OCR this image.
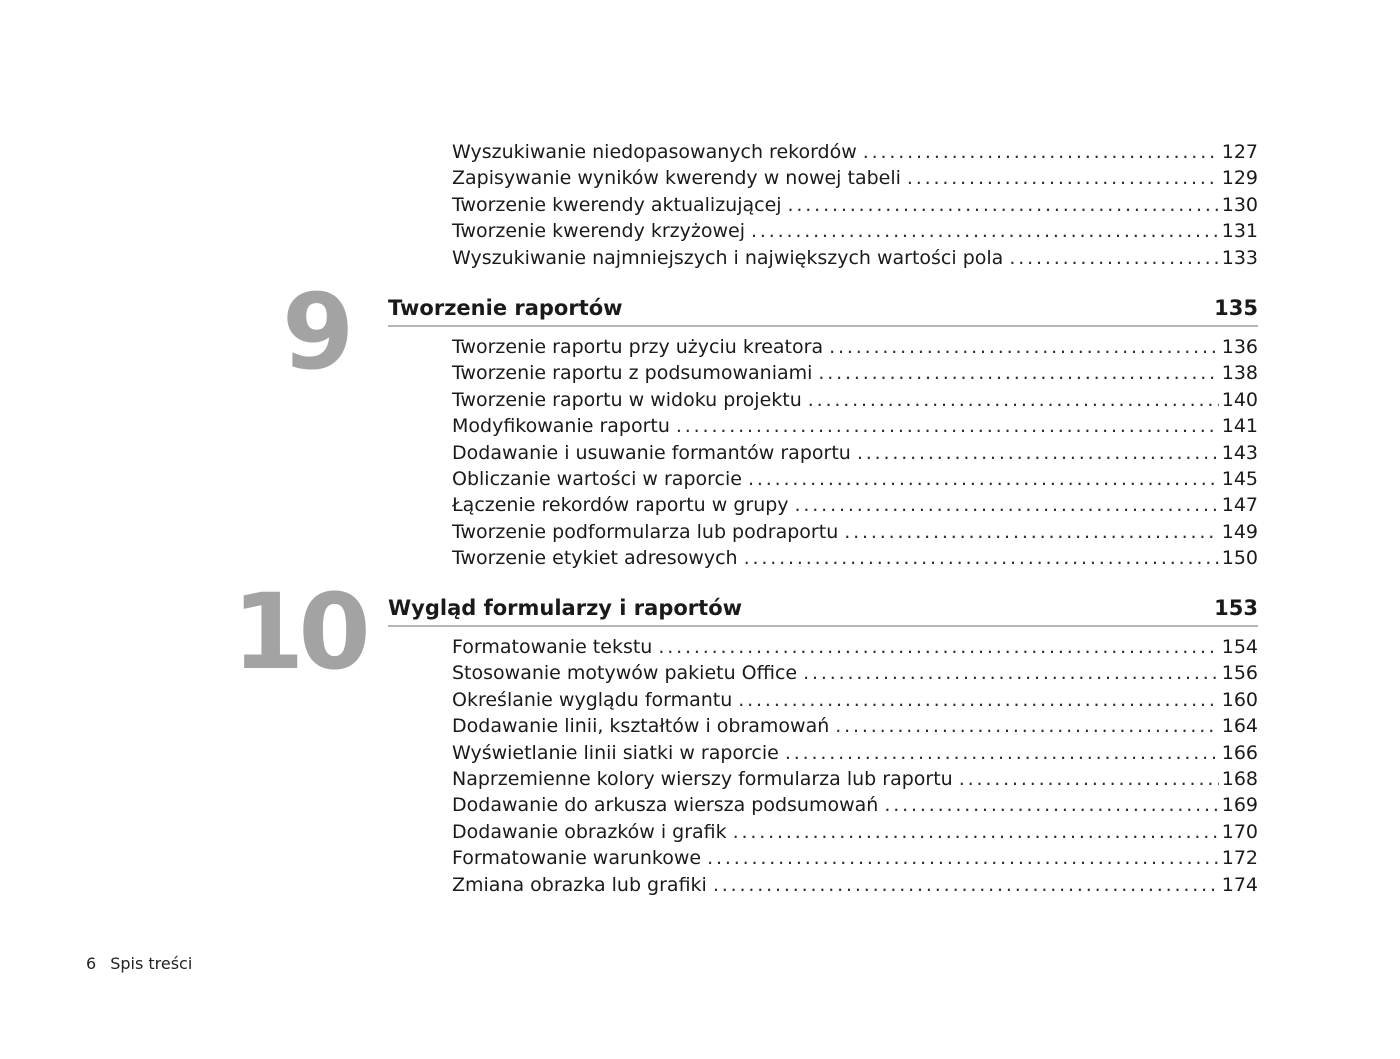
Wyszukiwanie niedopasowanych rekordów . . .	127
Zapisywanie wyników kwerendy w nowej tabeli . . .	129
Tworzenie kwerendy aktualizującej . . .	130
Tworzenie kwerendy krzyżowej . . .	131
Wyszukiwanie najmniejszych i największych wartości pola . . .	133
9 Tworzenie raportów	135
Tworzenie raportu przy użyciu kreatora . . .	136
Tworzenie raportu z podsumowaniami . . .	138
Tworzenie raportu w widoku projektu . . .	140
Modyfikowanie raportu . . .	141
Dodawanie i usuwanie formantów raportu . . .	143
Obliczanie wartości w raporcie . . .	145
Łączenie rekordów raportu w grupy . . .	147
Tworzenie podformularza lub podraportu . . .	149
Tworzenie etykiet adresowych . . .	150
10 Wygląd formularzy i raportów	153
Formatowanie tekstu . . .	154
Stosowanie motywów pakietu Office . . .	156
Określanie wyglądu formantu . . .	160
Dodawanie linii, kształtów i obramowań . . .	164
Wyświetlanie linii siatki w raporcie . . .	166
Naprzemienne kolory wierszy formularza lub raportu . . .	168
Dodawanie do arkusza wiersza podsumowań . . .	169
Dodawanie obrazków i grafik . . .	170
Formatowanie warunkowe . . .	172
Zmiana obrazka lub grafiki . . .	174
6 Spis treści
